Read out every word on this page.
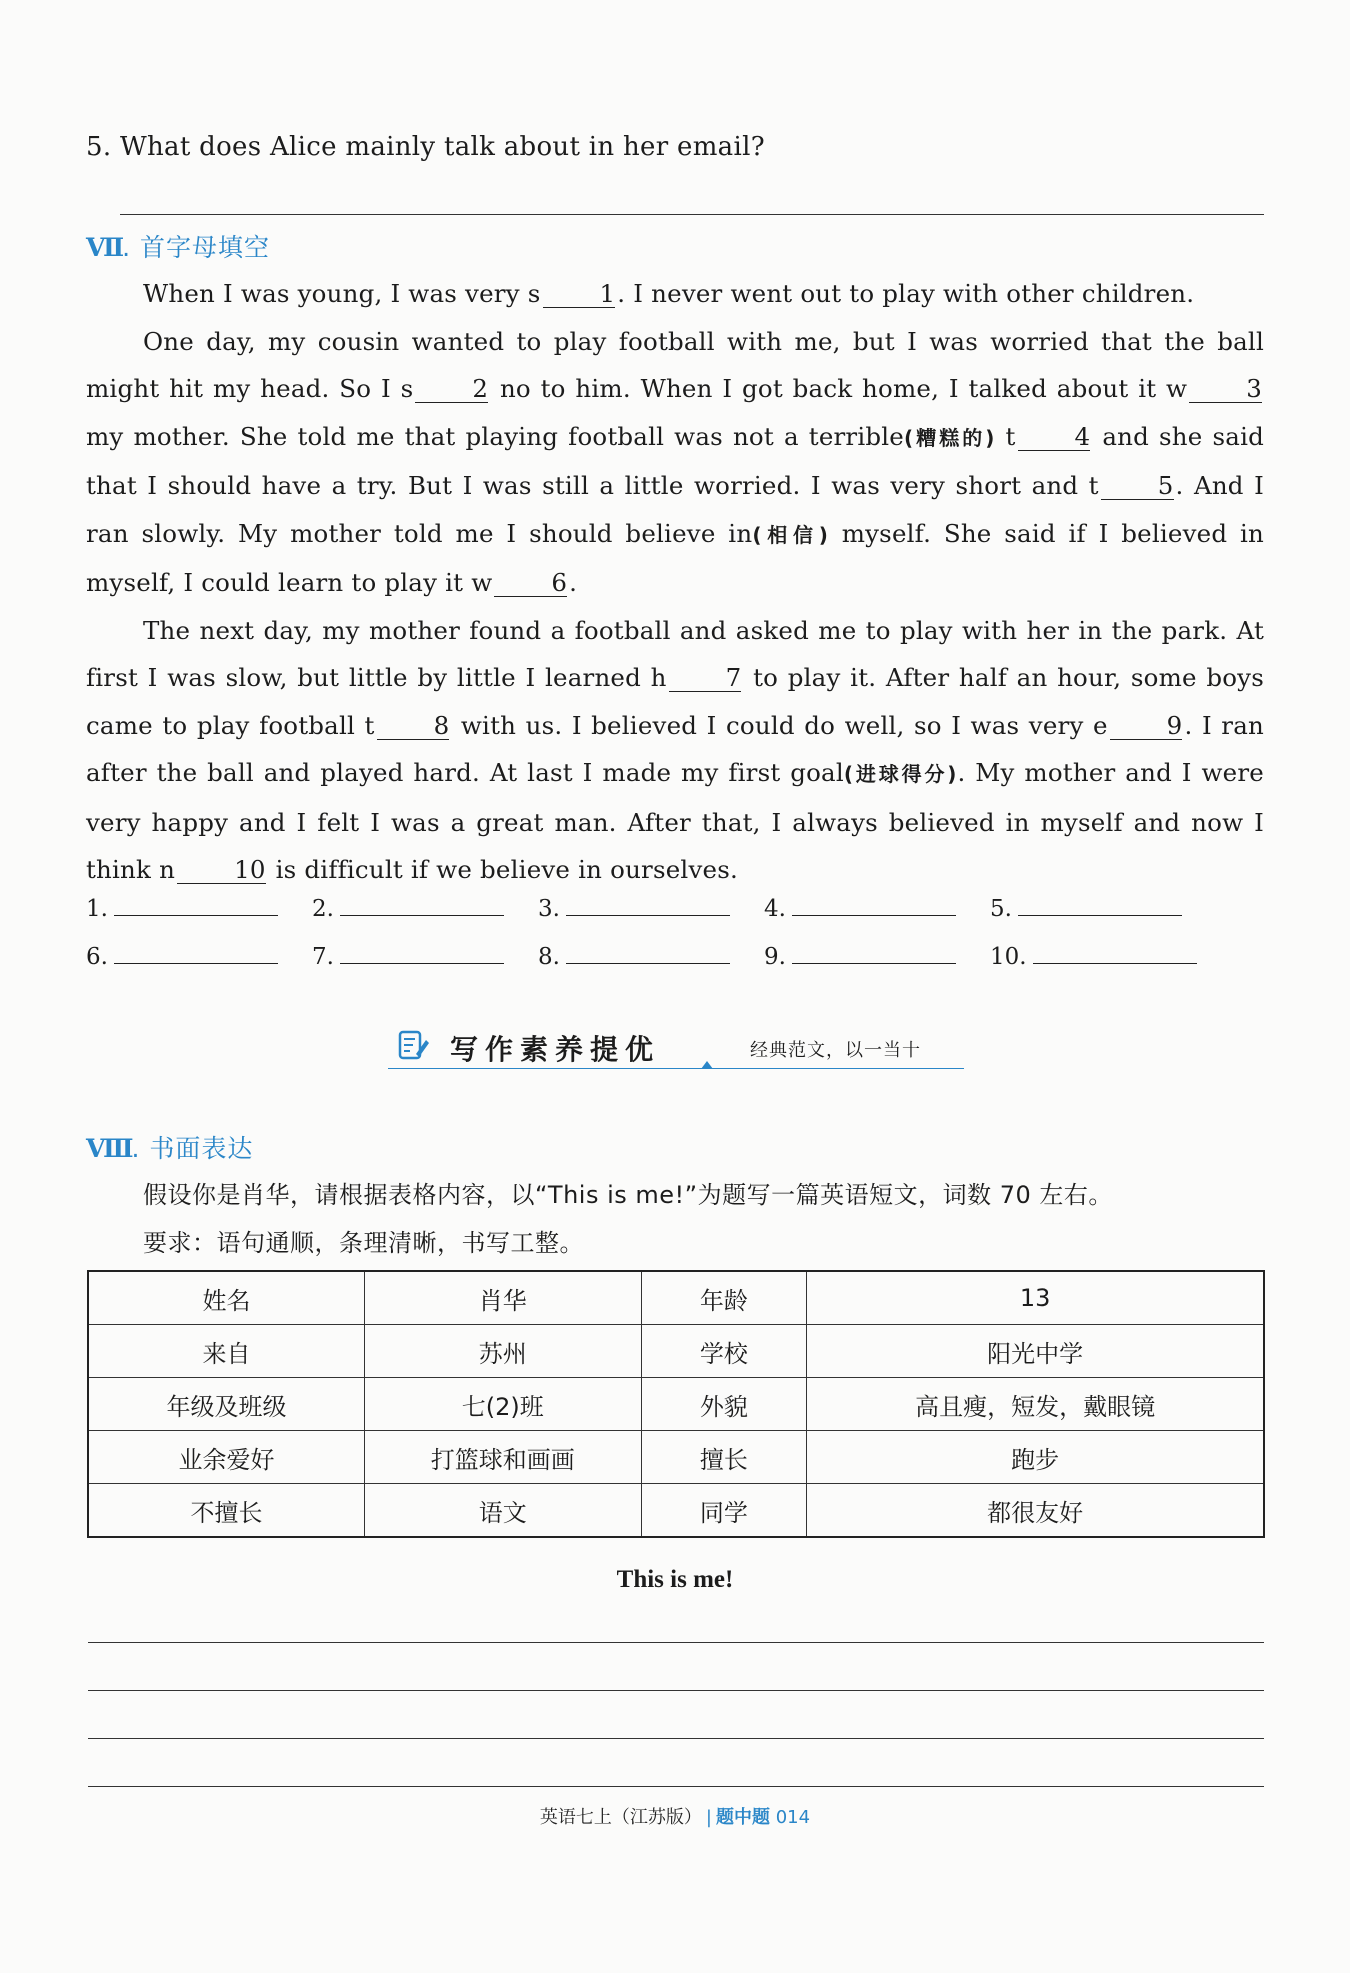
5. What does Alice mainly talk about in her email?
Ⅶ. 首字母填空

When I was young, I was very s 1. I never went out to play with other children.

One day, my cousin wanted to play football with me, but I was worried that the ball might hit my head. So I s 2 no to him. When I got back home, I talked about it w 3 my mother. She told me that playing football was not a terrible(糟糕的) t 4 and she said that I should have a try. But I was still a little worried. I was very short and t 5. And I ran slowly. My mother told me I should believe in(相信) myself. She said if I believed in myself, I could learn to play it w 6.

The next day, my mother found a football and asked me to play with her in the park. At first I was slow, but little by little I learned h 7 to play it. After half an hour, some boys came to play football t 8 with us. I believed I could do well, so I was very e 9. I ran after the ball and played hard. At last I made my first goal(进球得分). My mother and I were very happy and I felt I was a great man. After that, I always believed in myself and now I think n 10 is difficult if we believe in ourselves.

1.	2.	3.	4.	5.
6.	7.	8.	9.	10.
写作素养提优	经典范文，以一当十
Ⅷ. 书面表达
假设你是肖华，请根据表格内容，以“This is me!”为题写一篇英语短文，词数 70 左右。
要求：语句通顺，条理清晰，书写工整。
姓名	肖华	年龄	13
来自	苏州	学校	阳光中学
年级及班级	七(2)班	外貌	高且瘦，短发，戴眼镜
业余爱好	打篮球和画画	擅长	跑步
不擅长	语文	同学	都很友好
This is me!
英语七上（江苏版） | 题中题 014
